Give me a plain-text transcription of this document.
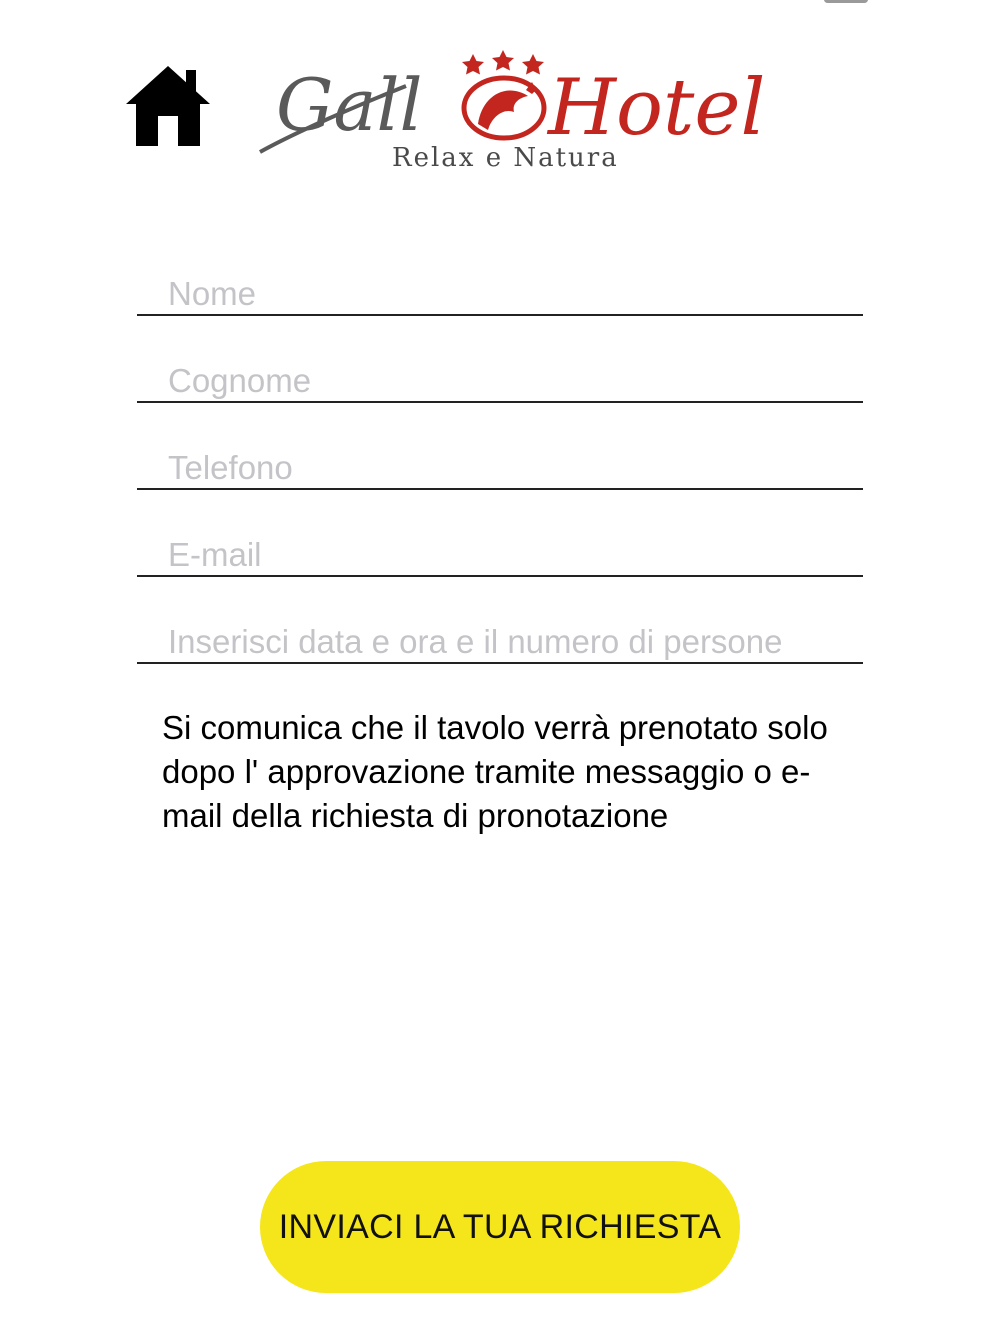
Gall Hotel
Relax e Natura
Nome
Cognome
Telefono
E-mail
Inserisci data e ora e il numero di persone
Si comunica che il tavolo verrà prenotato solo dopo l' approvazione tramite messaggio o e-mail della richiesta di pronotazione
INVIACI LA TUA RICHIESTA
